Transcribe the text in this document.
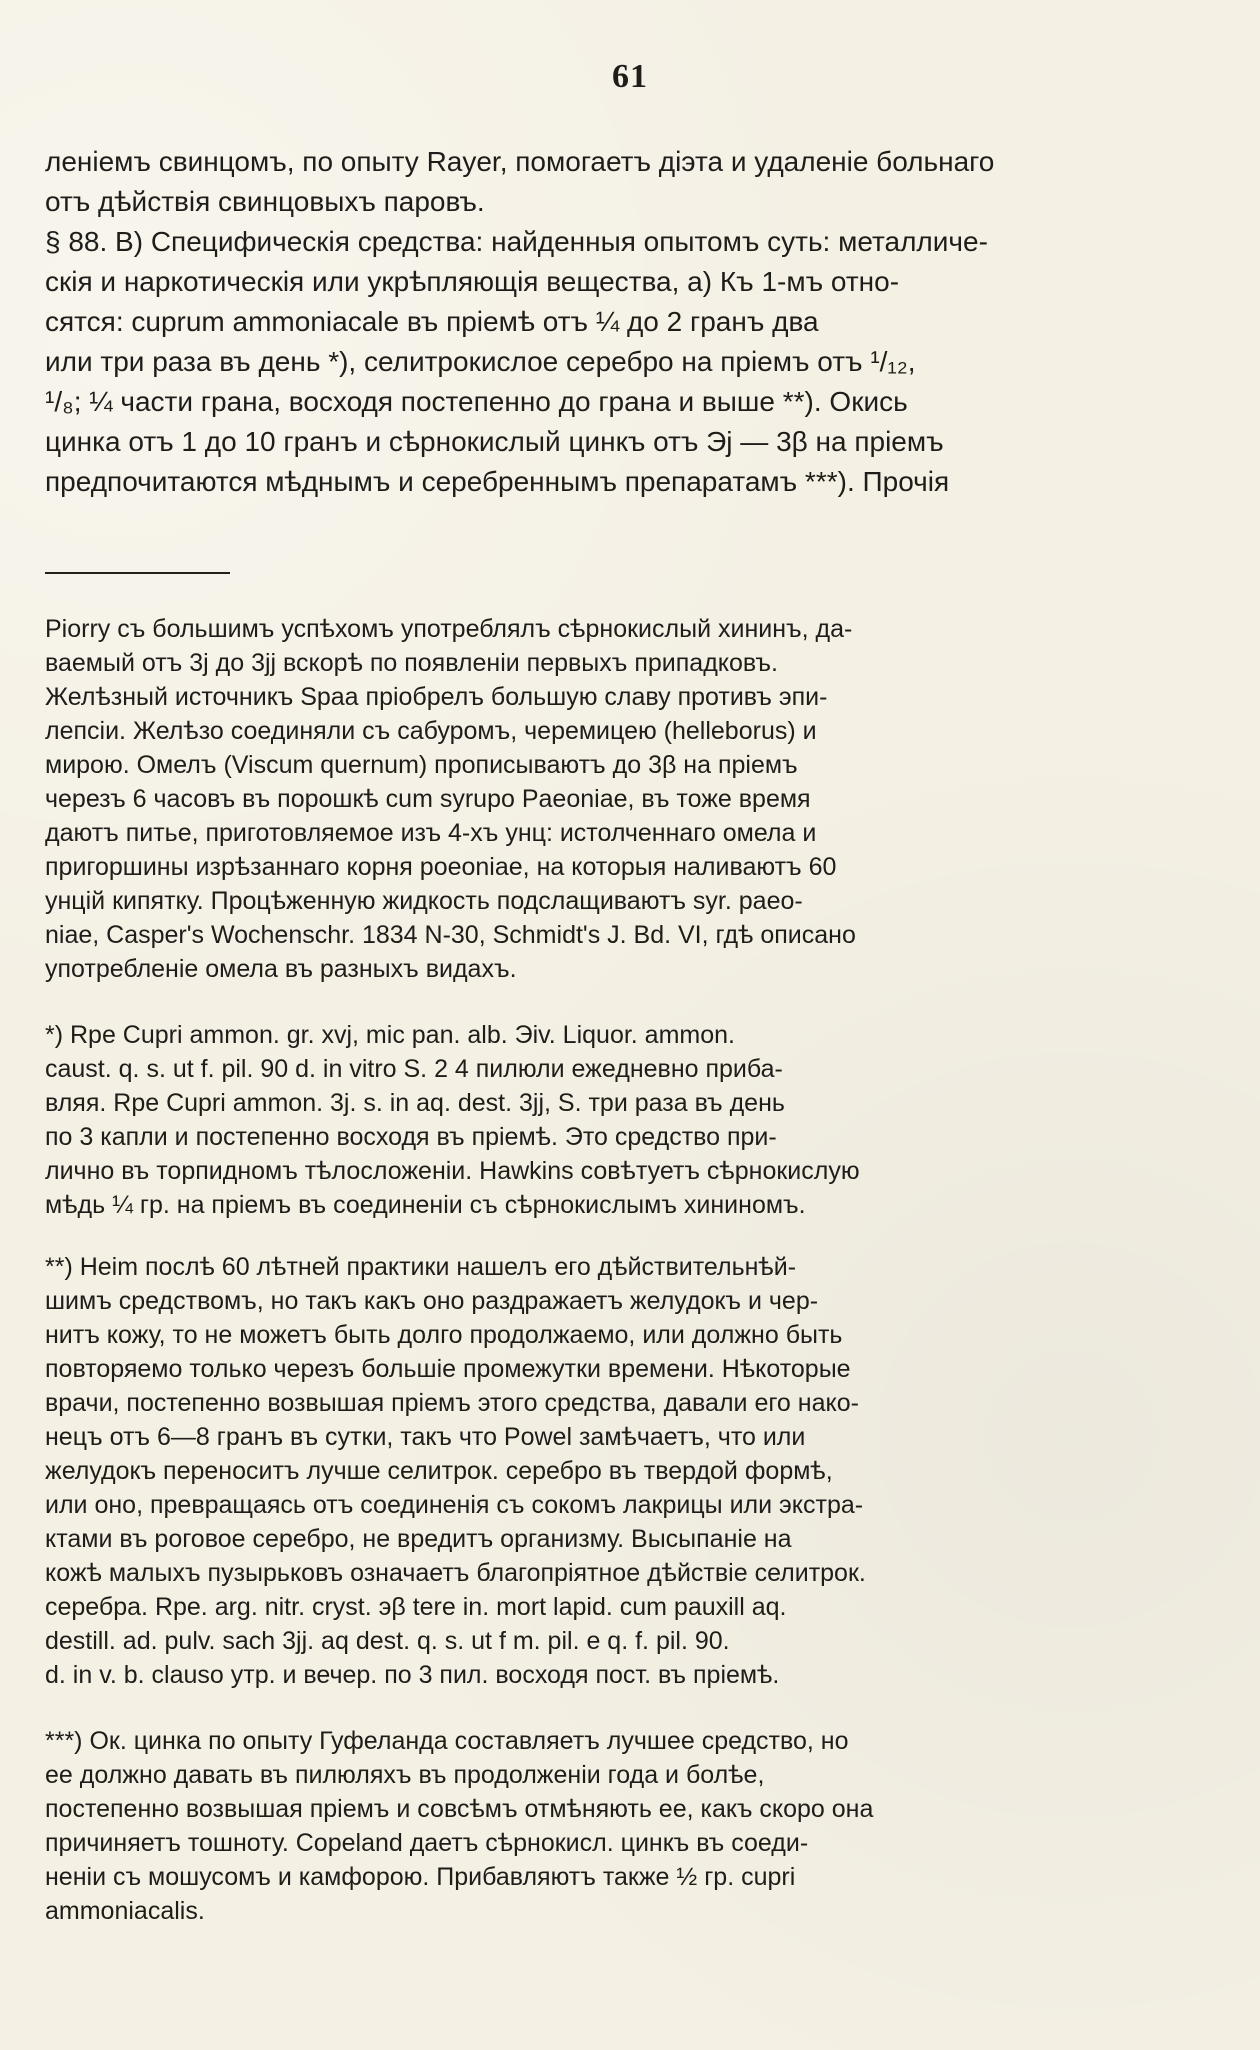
61

леніемъ свинцомъ, по опыту Rayer, помогаетъ діэта и удаленіе больнаго
отъ дѣйствія свинцовыхъ паровъ.
§ 88. B) Специфическія средства: найденныя опытомъ суть: металличе-
скія и наркотическія или укрѣпляющія вещества, а) Къ 1-мъ отно-
сятся: cuprum ammoniacale въ пріемѣ отъ ¼ до 2 гранъ два
или три раза въ день *), селитрокислое серебро на пріемъ отъ ¹/₁₂,
¹/₈; ¼ части грана, восходя постепенно до грана и выше **). Окись
цинка отъ 1 до 10 гранъ и сѣрнокислый цинкъ отъ Эj — 3β на пріемъ
предпочитаются мѣднымъ и серебреннымъ препаратамъ ***). Прочія

Piorry съ большимъ успѣхомъ употреблялъ сѣрнокислый хининъ, да-
ваемый отъ 3j до 3jj вскорѣ по появленіи первыхъ припадковъ.
Желѣзный источникъ Spaa пріобрелъ большую славу противъ эпи-
лепсіи. Желѣзо соединяли съ сабуромъ, черемицею (helleborus) и
мирою. Омелъ (Viscum quernum) прописываютъ до 3β на пріемъ
черезъ 6 часовъ въ порошкѣ cum syrupo Paeoniae, въ тоже время
даютъ питье, приготовляемое изъ 4-хъ унц: истолченнаго омела и
пригоршины изрѣзаннаго корня poeoniae, на которыя наливаютъ 60
унцій кипятку. Процѣженную жидкость подслащиваютъ syr. paeo-
niae, Casper's Wochenschr. 1834 N-30, Schmidt's J. Bd. VI, гдѣ описано
употребленіе омела въ разныхъ видахъ.

*) Rpe Cupri ammon. gr. xvj, mic pan. alb. Эiv. Liquor. ammon.
caust. q. s. ut f. pil. 90 d. in vitro S. 2 4 пилюли ежедневно приба-
вляя. Rpe Cupri ammon. 3j. s. in aq. dest. 3jj, S. три раза въ день
по 3 капли и постепенно восходя въ пріемѣ. Это средство при-
лично въ торпидномъ тѣлосложеніи. Hawkins совѣтуетъ сѣрнокислую
мѣдь ¼ гр. на пріемъ въ соединеніи съ сѣрнокислымъ хининомъ.

**) Heim послѣ 60 лѣтней практики нашелъ его дѣйствительнѣй-
шимъ средствомъ, но такъ какъ оно раздражаетъ желудокъ и чер-
нитъ кожу, то не можетъ быть долго продолжаемо, или должно быть
повторяемо только черезъ большіе промежутки времени. Нѣкоторые
врачи, постепенно возвышая пріемъ этого средства, давали его нако-
нецъ отъ 6—8 гранъ въ сутки, такъ что Powel замѣчаетъ, что или
желудокъ переноситъ лучше селитрок. серебро въ твердой формѣ,
или оно, превращаясь отъ соединенія съ сокомъ лакрицы или экстра-
ктами въ роговое серебро, не вредитъ организму. Высыпаніе на
кожѣ малыхъ пузырьковъ означаетъ благопріятное дѣйствіе селитрок.
серебра. Rpe. arg. nitr. cryst. эβ tere in. mort lapid. cum pauxill aq.
destill. ad. pulv. sach 3jj. aq dest. q. s. ut f m. pil. e q. f. pil. 90.
d. in v. b. clauso утр. и вечер. по 3 пил. восходя пост. въ пріемѣ.

***) Ок. цинка по опыту Гуфеланда составляетъ лучшее средство, но
ее должно давать въ пилюляхъ въ продолженіи года и болѣе,
постепенно возвышая пріемъ и совсѣмъ отмѣняють ее, какъ скоро она
причиняетъ тошноту. Copeland даетъ сѣрнокисл. цинкъ въ соеди-
неніи съ мошусомъ и камфорою. Прибавляютъ также ½ гр. cupri
ammoniacalis.
